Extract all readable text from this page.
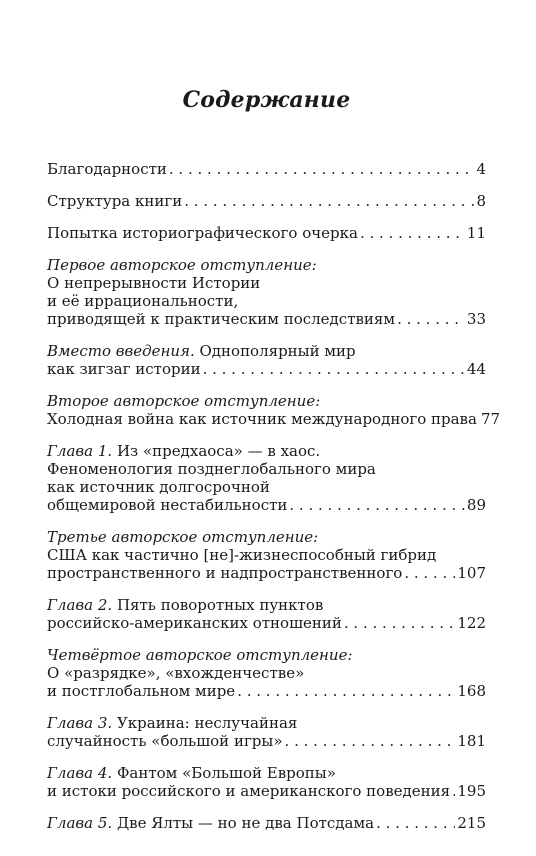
Содержание
Благодарности . . .	4
Структура книги . . .	8
Попытка историографического очерка . . .	11
Первое авторское отступление:
О непрерывности Истории
и её иррациональности,
приводящей к практическим последствиям . . .	33
Вместо введения. Однополярный мир
как зигзаг истории . . .	44
Второе авторское отступление:
Холодная война как источник международного права 77
Глава 1. Из «предхаоса» — в хаос.
Феноменология позднеглобального мира
как источник долгосрочной
общемировой нестабильности . . .	89
Третье авторское отступление:
США как частично [не]-жизнеспособный гибрид
пространственного и надпространственного . . .	107
Глава 2. Пять поворотных пунктов
российско-американских отношений . . .	122
Четвёртое авторское отступление:
О «разрядке», «вхожденчестве»
и постглобальном мире . . .	168
Глава 3. Украина: неслучайная
случайность «большой игры» . . .	181
Глава 4. Фантом «Большой Европы»
и истоки российского и американского поведения . . . 195
Глава 5. Две Ялты — но не два Потсдама . . .	215
